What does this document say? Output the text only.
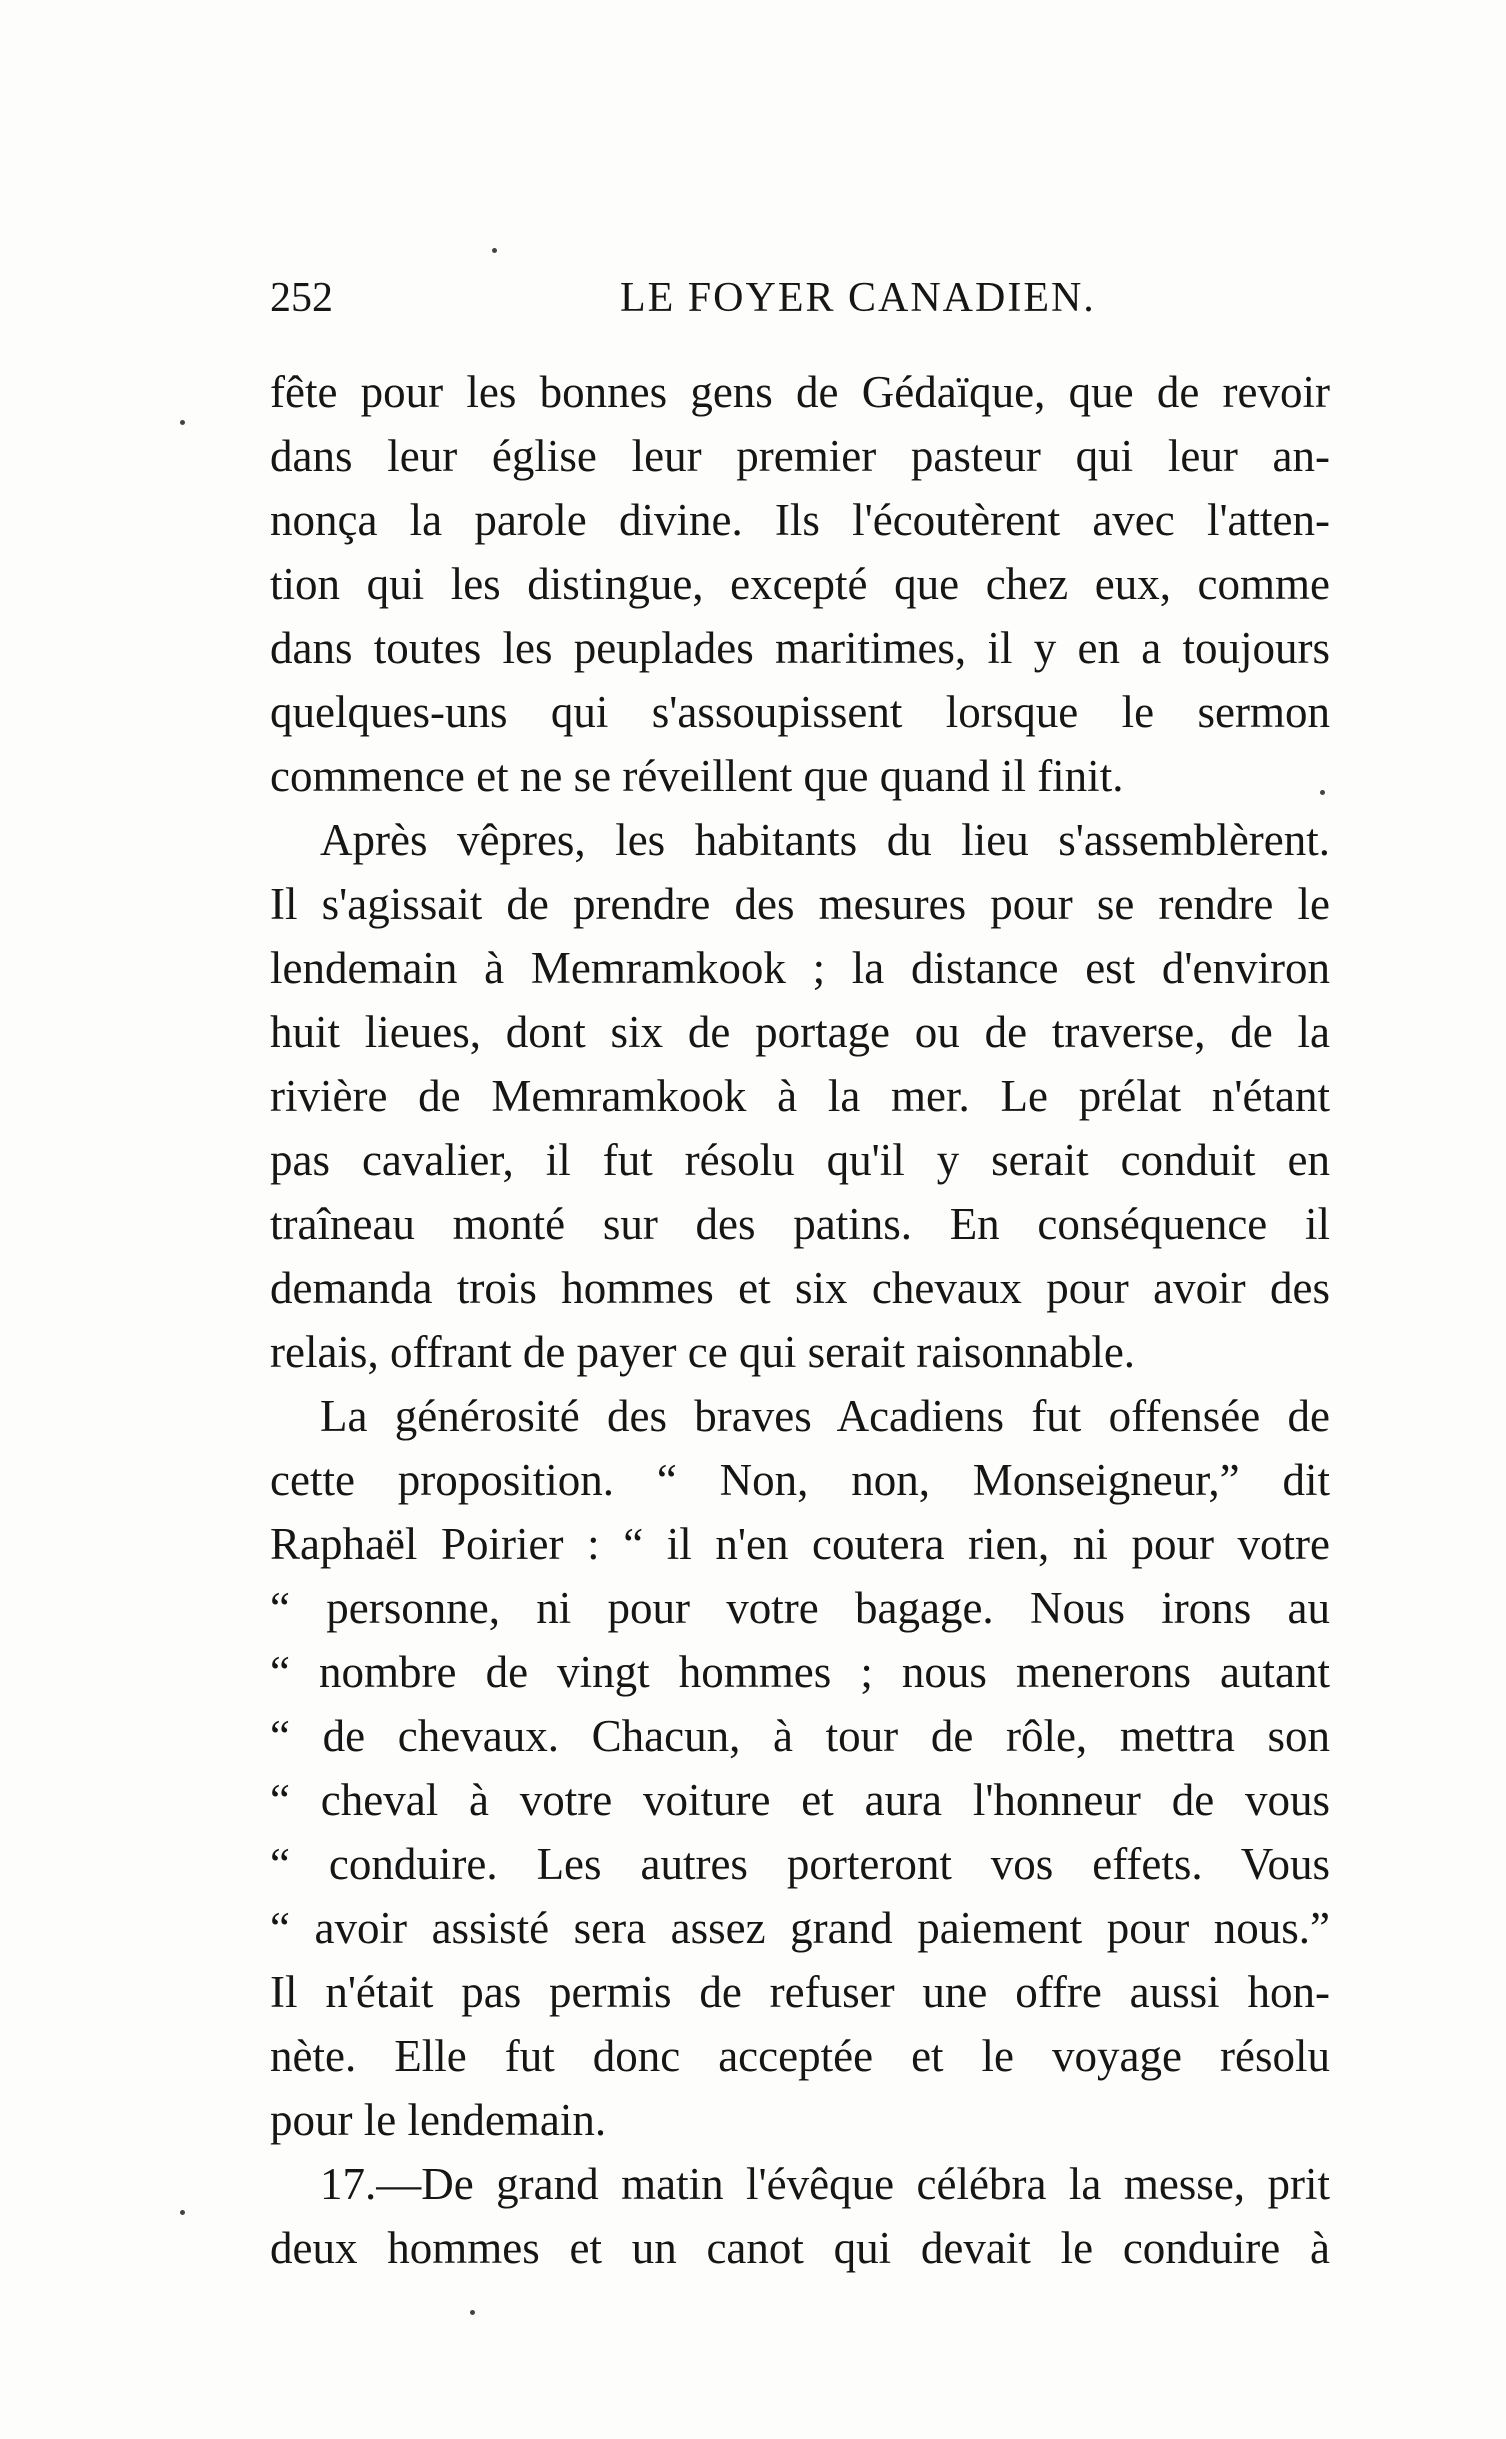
252	LE FOYER CANADIEN.
fête pour les bonnes gens de Gédaïque, que de revoir
dans leur église leur premier pasteur qui leur an-
nonça la parole divine. Ils l'écoutèrent avec l'atten-
tion qui les distingue, excepté que chez eux, comme
dans toutes les peuplades maritimes, il y en a toujours
quelques-uns qui s'assoupissent lorsque le sermon
commence et ne se réveillent que quand il finit.
Après vêpres, les habitants du lieu s'assemblèrent.
Il s'agissait de prendre des mesures pour se rendre le
lendemain à Memramkook ; la distance est d'environ
huit lieues, dont six de portage ou de traverse, de la
rivière de Memramkook à la mer. Le prélat n'étant
pas cavalier, il fut résolu qu'il y serait conduit en
traîneau monté sur des patins. En conséquence il
demanda trois hommes et six chevaux pour avoir des
relais, offrant de payer ce qui serait raisonnable.
La générosité des braves Acadiens fut offensée de
cette proposition. “ Non, non, Monseigneur,” dit
Raphaël Poirier : “ il n'en coutera rien, ni pour votre
“ personne, ni pour votre bagage. Nous irons au
“ nombre de vingt hommes ; nous menerons autant
“ de chevaux. Chacun, à tour de rôle, mettra son
“ cheval à votre voiture et aura l'honneur de vous
“ conduire. Les autres porteront vos effets. Vous
“ avoir assisté sera assez grand paiement pour nous.”
Il n'était pas permis de refuser une offre aussi hon-
nète. Elle fut donc acceptée et le voyage résolu
pour le lendemain.
17.—De grand matin l'évêque célébra la messe, prit
deux hommes et un canot qui devait le conduire à
